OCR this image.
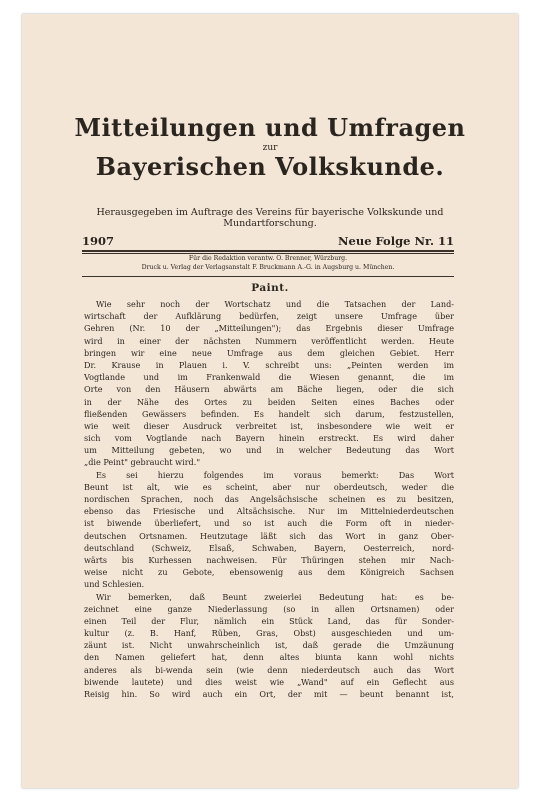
Mitteilungen und Umfragen
zur
Bayerischen Volkskunde.
Herausgegeben im Auftrage des Vereins für bayerische Volkskunde und Mundartforschung.
1907	Neue Folge Nr. 11
Für die Redaktion verantw. O. Brenner, Würzburg.
Druck u. Verlag der Verlagsanstalt F. Bruckmann A.-G. in Augsburg u. München.
Paint.
Wie sehr noch der Wortschatz und die Tatsachen der Land-
wirtschaft der Aufklärung bedürfen, zeigt unsere Umfrage über
Gehren (Nr. 10 der „Mitteilungen"); das Ergebnis dieser Umfrage
wird in einer der nächsten Nummern veröffentlicht werden. Heute
bringen wir eine neue Umfrage aus dem gleichen Gebiet. Herr
Dr. Krause in Plauen i. V. schreibt uns: „Peinten werden im
Vogtlande und im Frankenwald die Wiesen genannt, die im
Orte von den Häusern abwärts am Bäche liegen, oder die sich
in der Nähe des Ortes zu beiden Seiten eines Baches oder
fließenden Gewässers befinden. Es handelt sich darum, festzustellen,
wie weit dieser Ausdruck verbreitet ist, insbesondere wie weit er
sich vom Vogtlande nach Bayern hinein erstreckt. Es wird daher
um Mitteilung gebeten, wo und in welcher Bedeutung das Wort
„die Peint" gebraucht wird."
Es sei hierzu folgendes im voraus bemerkt: Das Wort
Beunt ist alt, wie es scheint, aber nur oberdeutsch, weder die
nordischen Sprachen, noch das Angelsächsische scheinen es zu besitzen,
ebenso das Friesische und Altsächsische. Nur im Mittelniederdeutschen
ist biwende überliefert, und so ist auch die Form oft in nieder-
deutschen Ortsnamen. Heutzutage läßt sich das Wort in ganz Ober-
deutschland (Schweiz, Elsaß, Schwaben, Bayern, Oesterreich, nord-
wärts bis Kurhessen nachweisen. Für Thüringen stehen mir Nach-
weise nicht zu Gebote, ebensowenig aus dem Königreich Sachsen
und Schlesien.
Wir bemerken, daß Beunt zweierlei Bedeutung hat: es be-
zeichnet eine ganze Niederlassung (so in allen Ortsnamen) oder
einen Teil der Flur, nämlich ein Stück Land, das für Sonder-
kultur (z. B. Hanf, Rüben, Gras, Obst) ausgeschieden und um-
zäunt ist. Nicht unwahrscheinlich ist, daß gerade die Umzäunung
den Namen geliefert hat, denn altes biunta kann wohl nichts
anderes als bi-wenda sein (wie denn niederdeutsch auch das Wort
biwende lautete) und dies weist wie „Wand" auf ein Geflecht aus
Reisig hin. So wird auch ein Ort, der mit — beunt benannt ist,
